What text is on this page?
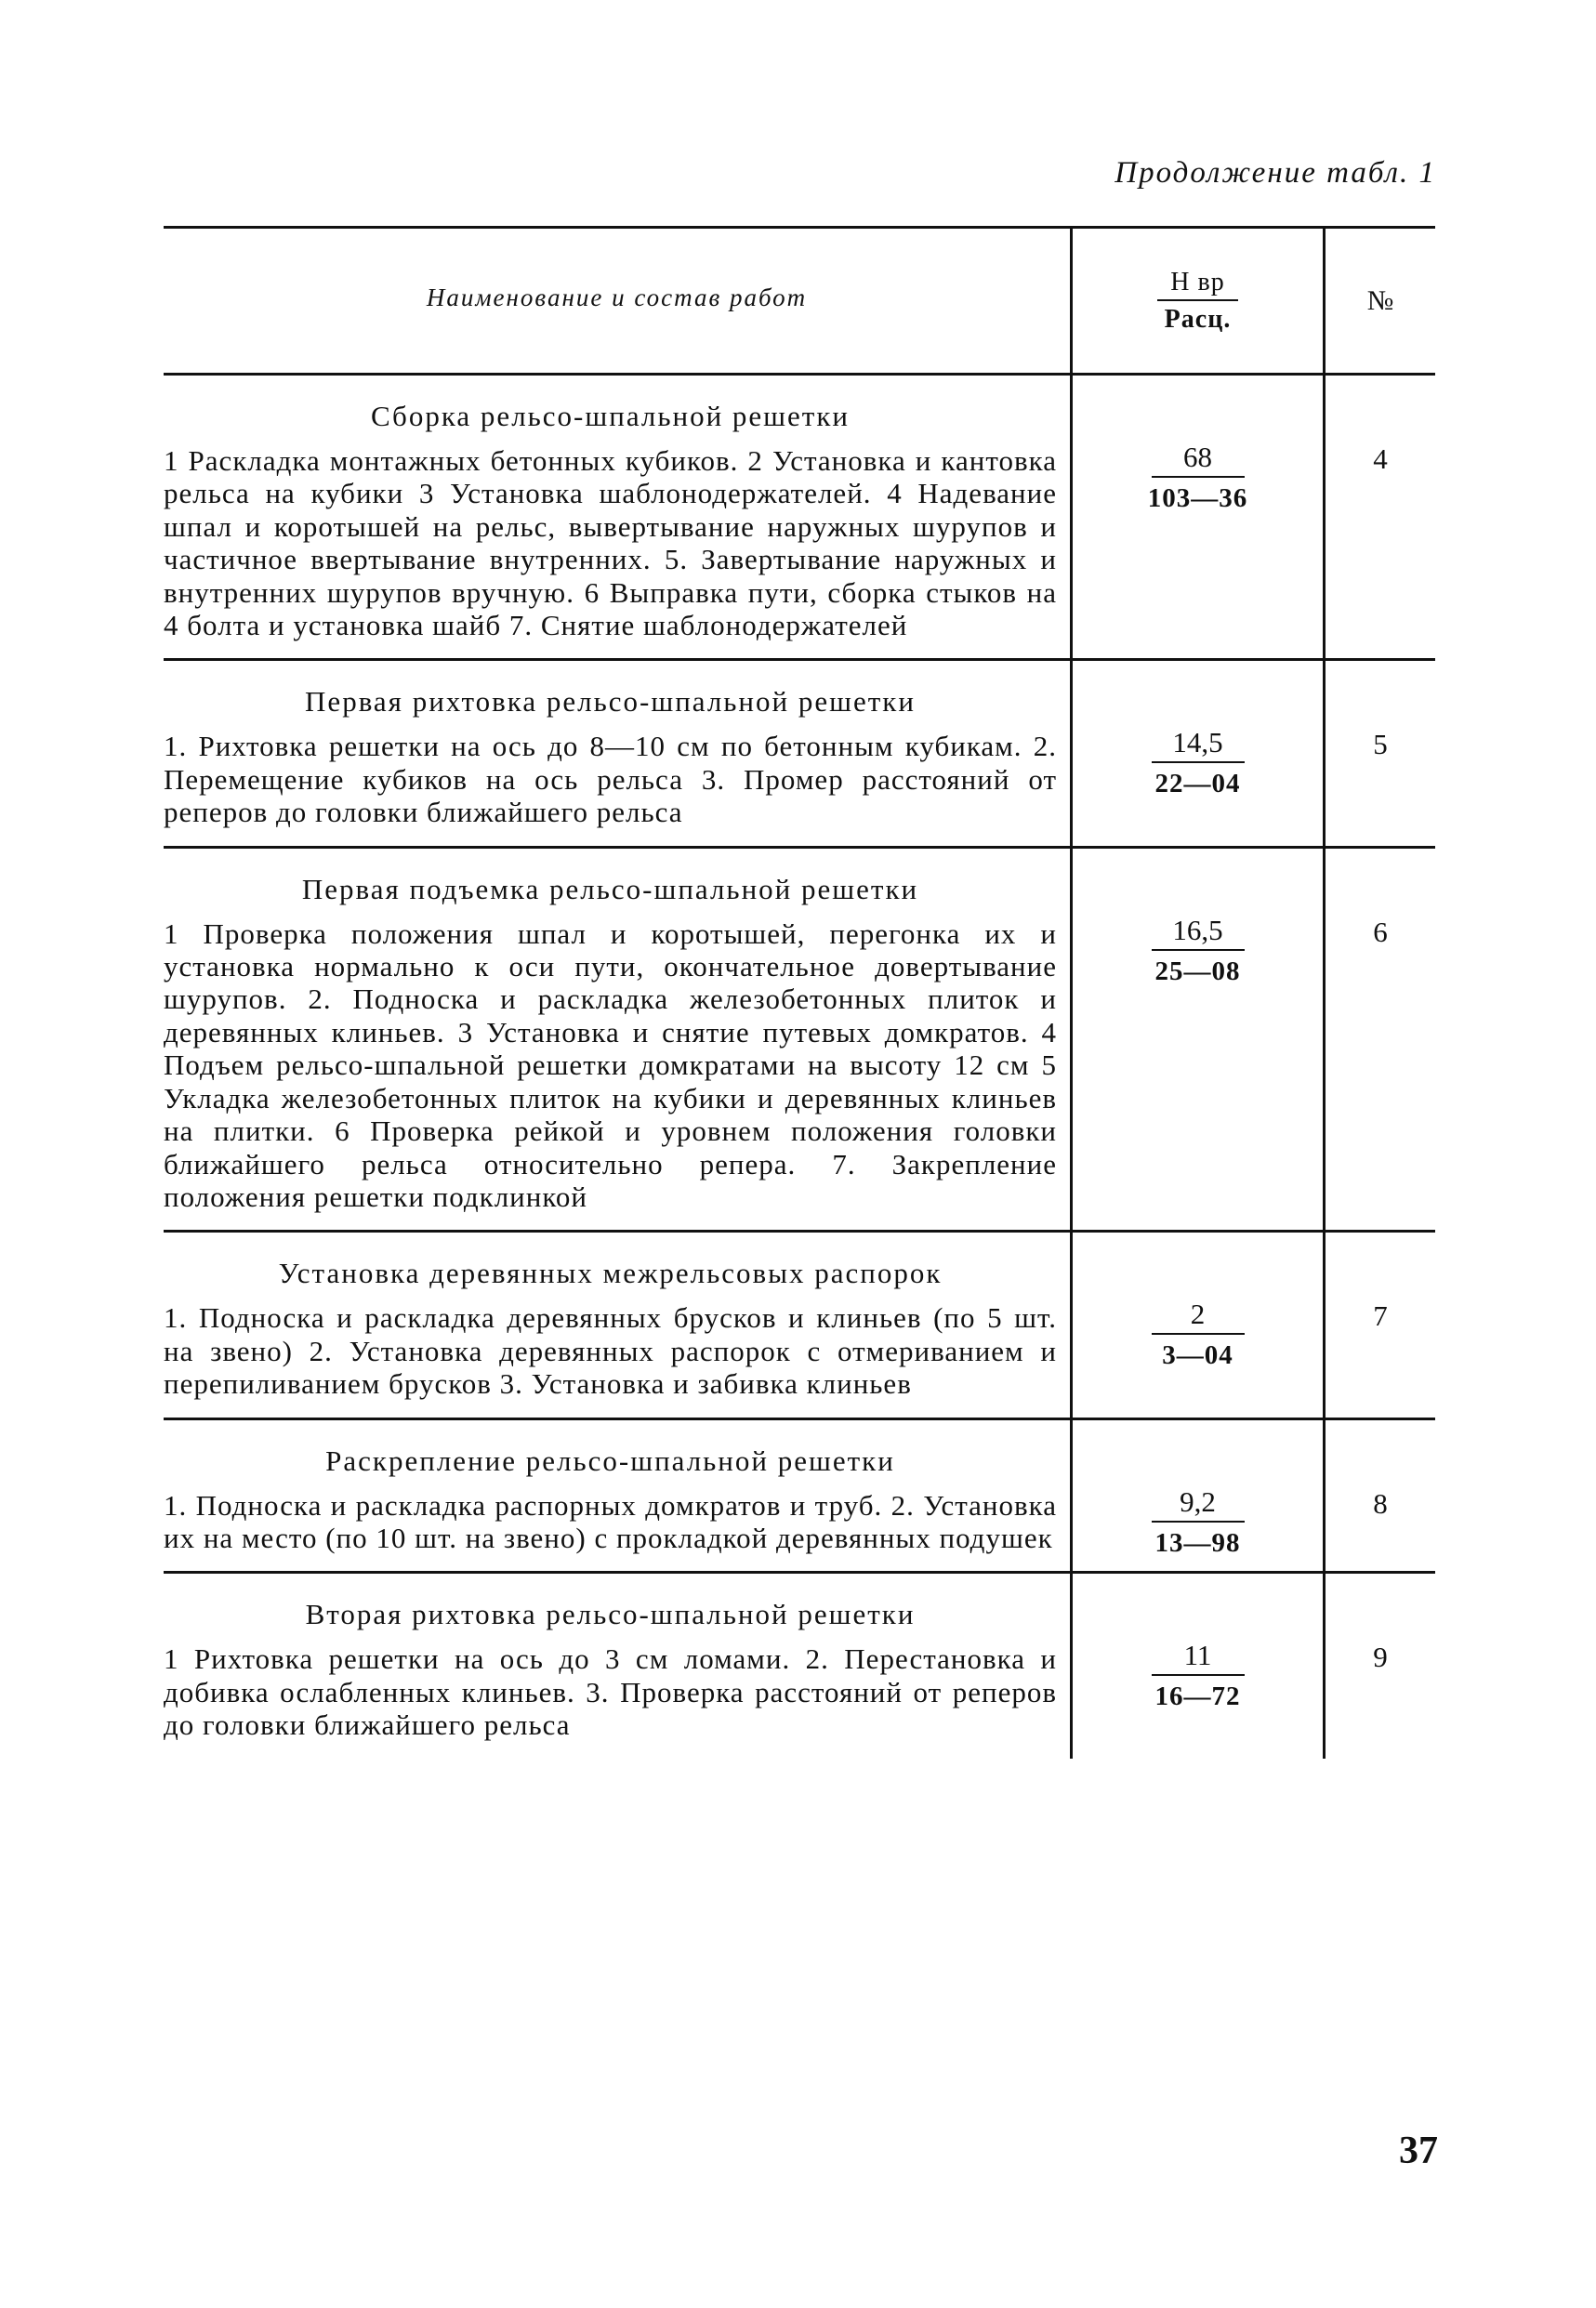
Продолжение табл. 1
Наименование и состав работ
Н вр
Расц.
№
Сборка рельсо-шпальной решетки
1 Раскладка монтажных бетонных кубиков. 2 Установка и кантовка рельса на кубики 3 Установка шаблонодержателей. 4 Надевание шпал и коротышей на рельс, вывертывание наружных шурупов и частичное ввертывание внутренних. 5. Завертывание наружных и внутренних шурупов вручную. 6 Выправка пути, сборка стыков на 4 болта и установка шайб 7. Снятие шаблонодержателей
68
103—36
4
Первая рихтовка рельсо-шпальной решетки
1. Рихтовка решетки на ось до 8—10 см по бетонным кубикам. 2. Перемещение кубиков на ось рельса 3. Промер расстояний от реперов до головки ближайшего рельса
14,5
22—04
5
Первая подъемка рельсо-шпальной решетки
1 Проверка положения шпал и коротышей, перегонка их и установка нормально к оси пути, окончательное довертывание шурупов. 2. Подноска и раскладка железобетонных плиток и деревянных клиньев. 3 Установка и снятие путевых домкратов. 4 Подъем рельсо-шпальной решетки домкратами на высоту 12 см 5 Укладка железобетонных плиток на кубики и деревянных клиньев на плитки. 6 Проверка рейкой и уровнем положения головки ближайшего рельса относительно репера. 7. Закрепление положения решетки подклинкой
16,5
25—08
6
Установка деревянных межрельсовых распорок
1. Подноска и раскладка деревянных брусков и клиньев (по 5 шт. на звено) 2. Установка деревянных распорок с отмериванием и перепиливанием брусков 3. Установка и забивка клиньев
2
3—04
7
Раскрепление рельсо-шпальной решетки
1. Подноска и раскладка распорных домкратов и труб. 2. Установка их на место (по 10 шт. на звено) с прокладкой деревянных подушек
9,2
13—98
8
Вторая рихтовка рельсо-шпальной решетки
1 Рихтовка решетки на ось до 3 см ломами. 2. Перестановка и добивка ослабленных клиньев. 3. Проверка расстояний от реперов до головки ближайшего рельса
11
16—72
9
37
